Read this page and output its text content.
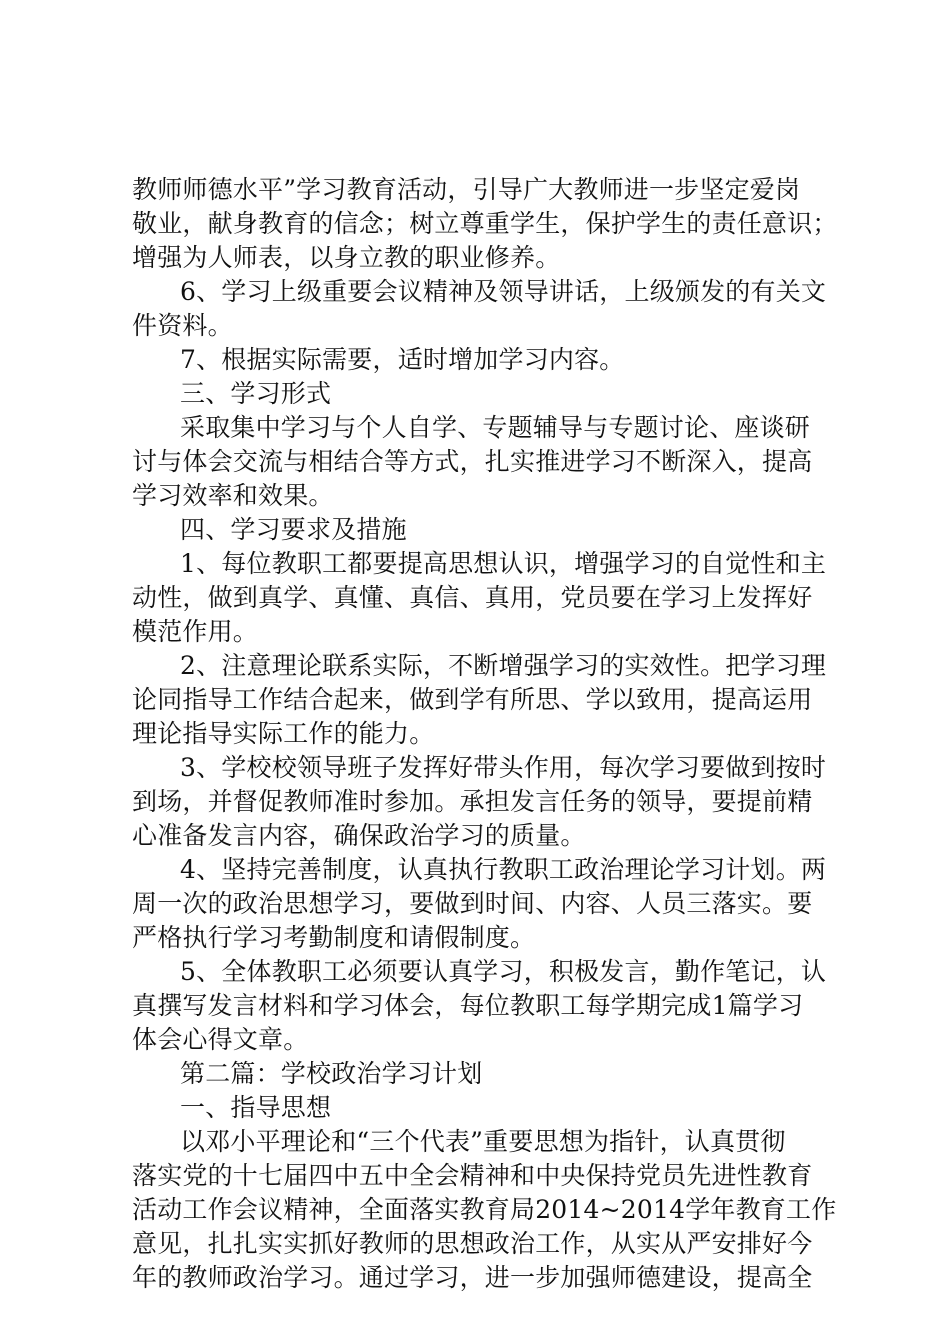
教师师德水平”学习教育活动，引导广大教师进一步坚定爱岗
敬业，献身教育的信念；树立尊重学生，保护学生的责任意识；
增强为人师表，以身立教的职业修养。
6、学习上级重要会议精神及领导讲话，上级颁发的有关文
件资料。
7、根据实际需要，适时增加学习内容。
三、学习形式
采取集中学习与个人自学、专题辅导与专题讨论、座谈研
讨与体会交流与相结合等方式，扎实推进学习不断深入，提高
学习效率和效果。
四、学习要求及措施
1、每位教职工都要提高思想认识，增强学习的自觉性和主
动性，做到真学、真懂、真信、真用，党员要在学习上发挥好
模范作用。
2、注意理论联系实际，不断增强学习的实效性。把学习理
论同指导工作结合起来，做到学有所思、学以致用，提高运用
理论指导实际工作的能力。
3、学校校领导班子发挥好带头作用，每次学习要做到按时
到场，并督促教师准时参加。承担发言任务的领导，要提前精
心准备发言内容，确保政治学习的质量。
4、坚持完善制度，认真执行教职工政治理论学习计划。两
周一次的政治思想学习，要做到时间、内容、人员三落实。要
严格执行学习考勤制度和请假制度。
5、全体教职工必须要认真学习，积极发言，勤作笔记，认
真撰写发言材料和学习体会，每位教职工每学期完成1篇学习
体会心得文章。
第二篇：学校政治学习计划
一、指导思想
以邓小平理论和“三个代表”重要思想为指针，认真贯彻
落实党的十七届四中五中全会精神和中央保持党员先进性教育
活动工作会议精神，全面落实教育局2014~2014学年教育工作
意见，扎扎实实抓好教师的思想政治工作，从实从严安排好今
年的教师政治学习。通过学习，进一步加强师德建设，提高全
